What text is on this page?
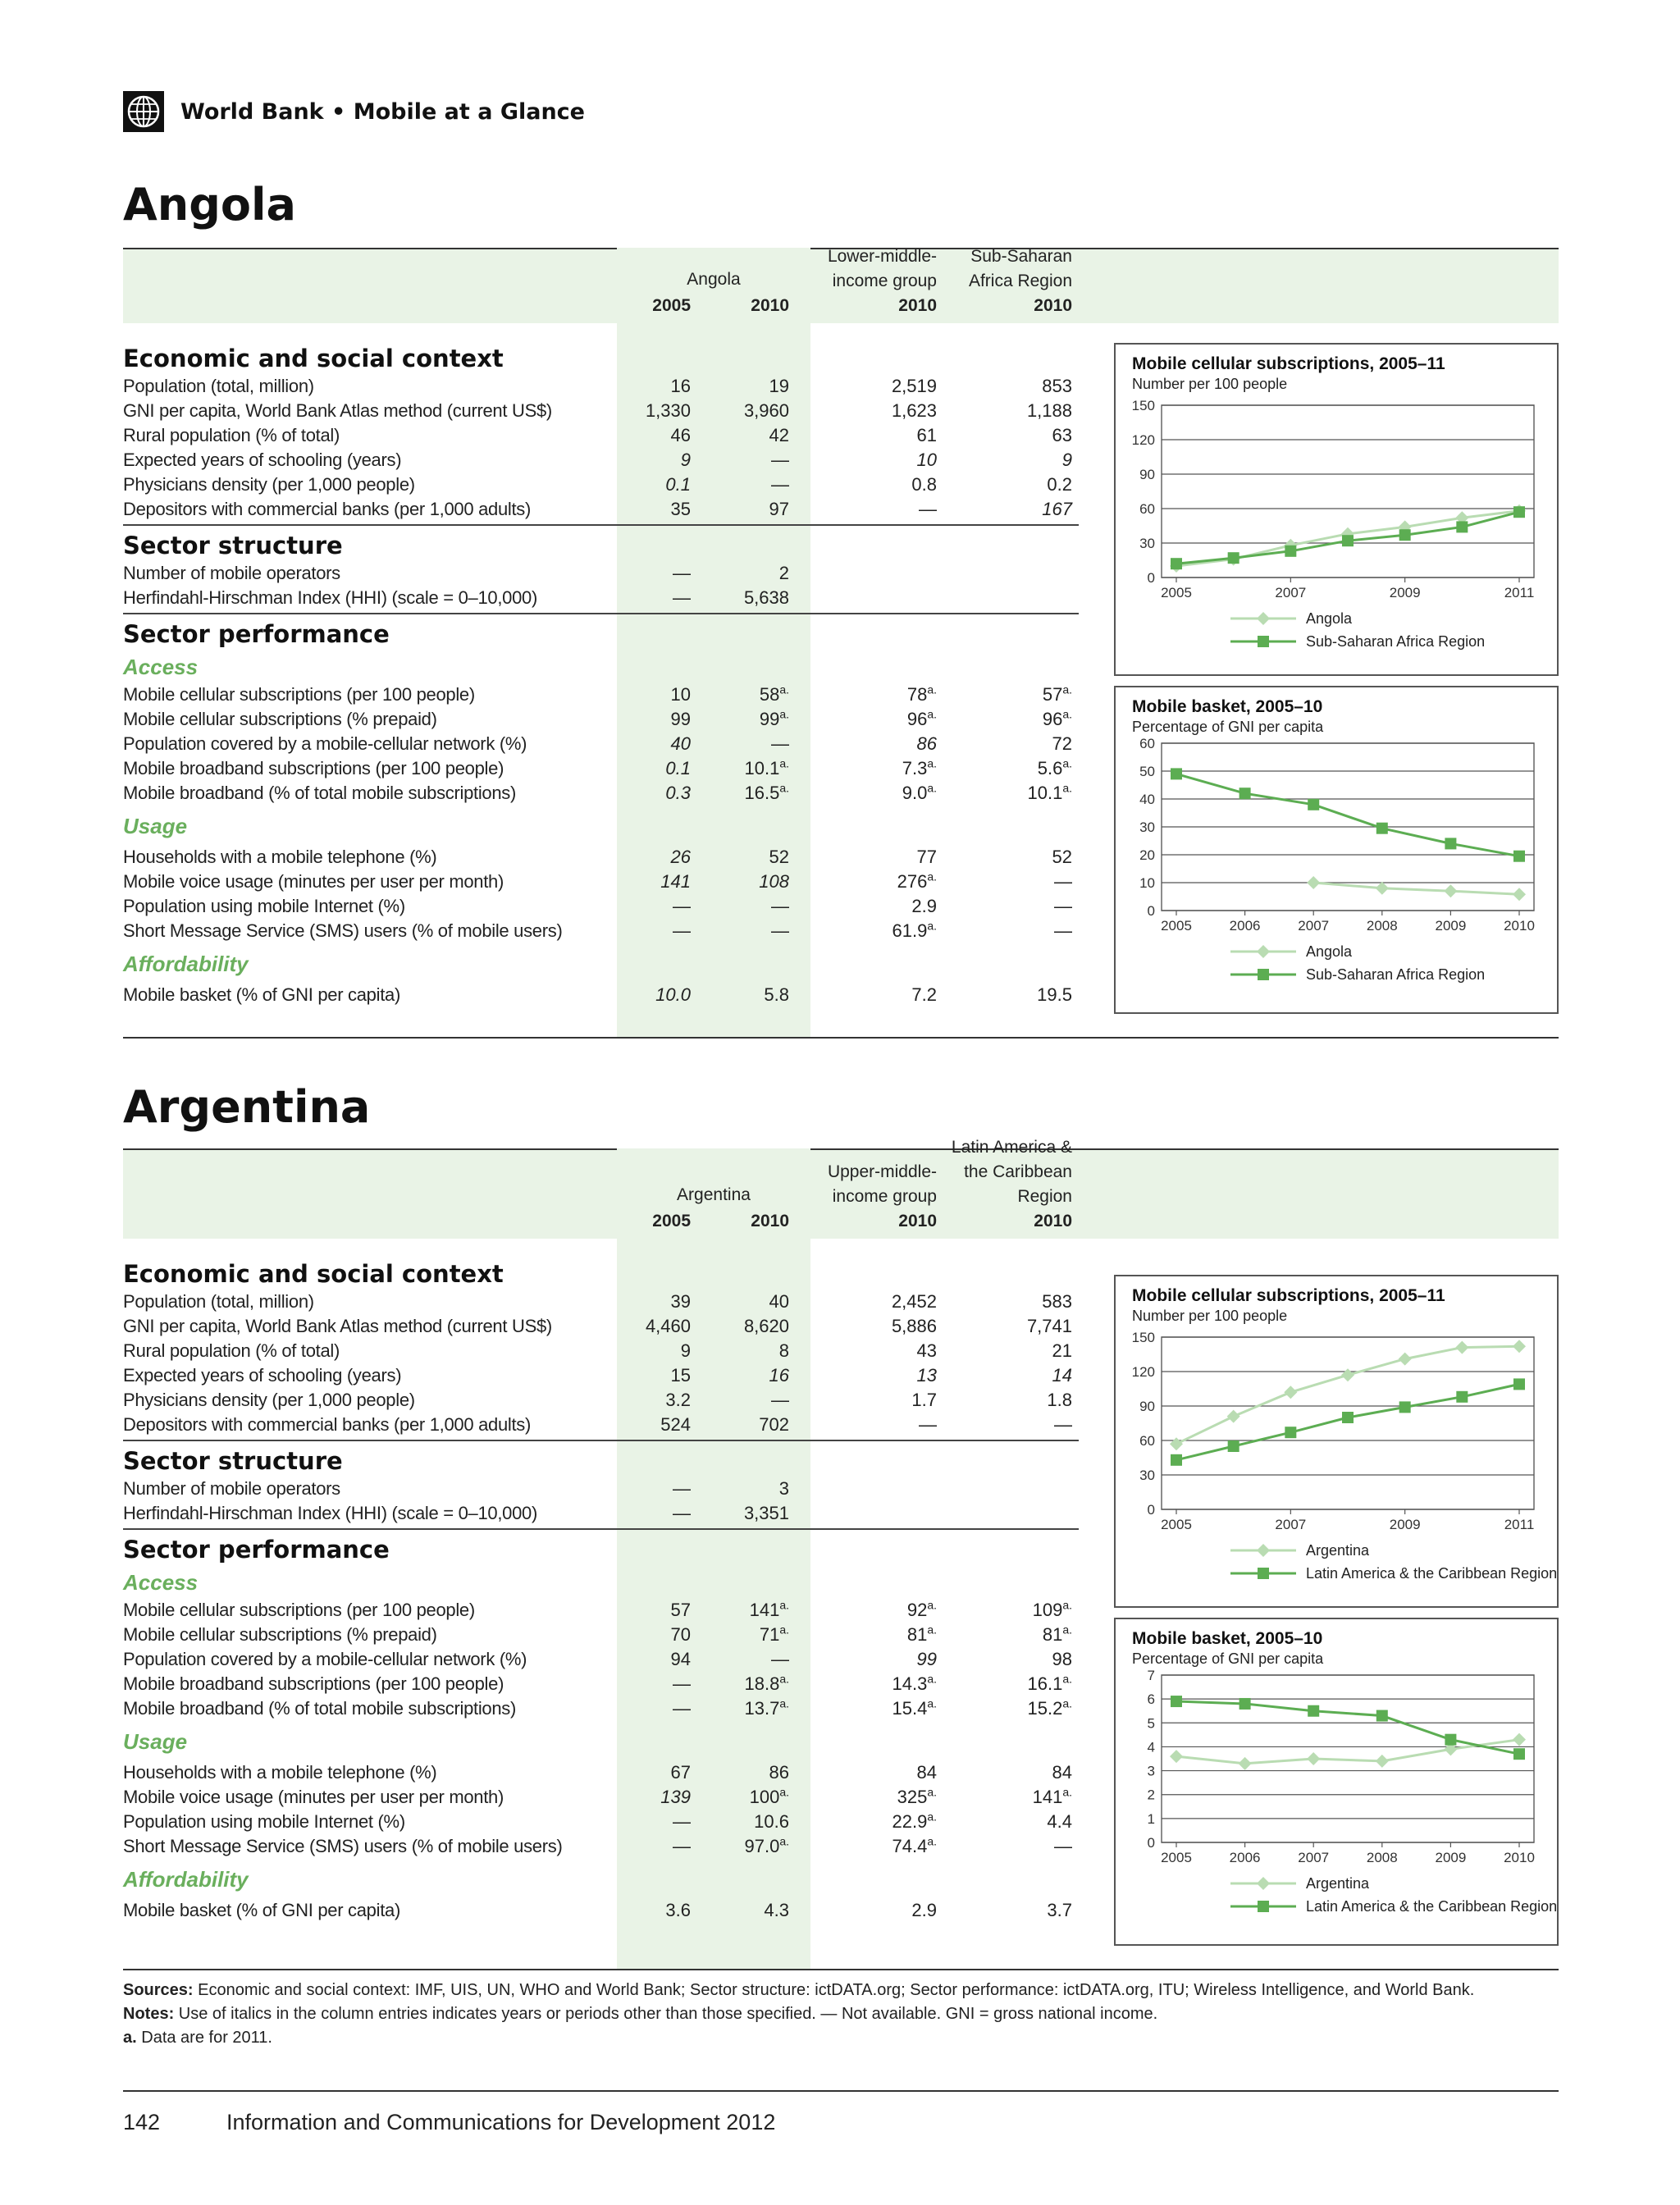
World Bank • Mobile at a Glance
Angola
Argentina
Angola
2005	2010
Lower-middle-
income group
2010
Sub-Saharan
Africa Region
2010
Economic and social context
Sector structure
Sector performance
Access
Usage
Affordability
Population (total, million)	16	19	2,519	853
GNI per capita, World Bank Atlas method (current US$)	1,330	3,960	1,623	1,188
Rural population (% of total)	46	42	61	63
Expected years of schooling (years)	9	—	10	9
Physicians density (per 1,000 people)	0.1	—	0.8	0.2
Depositors with commercial banks (per 1,000 adults)	35	97	—	167
Number of mobile operators	—	2
Herfindahl-Hirschman Index (HHI) (scale = 0–10,000)	—	5,638
Mobile cellular subscriptions (per 100 people)	10	$58^{a.}$	$78^{a.}$	$57^{a.}$
Mobile cellular subscriptions (% prepaid)	99	$99^{a.}$	$96^{a.}$	$96^{a.}$
Population covered by a mobile-cellular network (%)	40	—	86	72
Mobile broadband subscriptions (per 100 people)	0.1	$10.1^{a.}$	$7.3^{a.}$	$5.6^{a.}$
Mobile broadband (% of total mobile subscriptions)	0.3	$16.5^{a.}$	$9.0^{a.}$	$10.1^{a.}$
Households with a mobile telephone (%)	26	52	77	52
Mobile voice usage (minutes per user per month)	141	108	$276^{a.}$	—
Population using mobile Internet (%)	—	—	2.9	—
Short Message Service (SMS) users (% of mobile users)	—	—	$61.9^{a.}$	—
Mobile basket (% of GNI per capita)	10.0	5.8	7.2	19.5
Mobile cellular subscriptions, 2005–11
Number per 100 people
0
30
60
90
120
150
2005	2007	2009	2011
Angola
Sub-Saharan Africa Region
Mobile basket, 2005–10
Percentage of GNI per capita
0
10
20
30
40
50
60
2005	2006	2007	2008	2009	2010
Angola
Sub-Saharan Africa Region
Argentina
2005	2010
Upper-middle-
income group
2010
Latin America &
the Caribbean
Region
2010
Economic and social context
Sector structure
Sector performance
Access
Usage
Affordability
Population (total, million)	39	40	2,452	583
GNI per capita, World Bank Atlas method (current US$)	4,460	8,620	5,886	7,741
Rural population (% of total)	9	8	43	21
Expected years of schooling (years)	15	16	13	14
Physicians density (per 1,000 people)	3.2	—	1.7	1.8
Depositors with commercial banks (per 1,000 adults)	524	702	—	—
Number of mobile operators	—	3
Herfindahl-Hirschman Index (HHI) (scale = 0–10,000)	—	3,351
Mobile cellular subscriptions (per 100 people)	57	$141^{a.}$	$92^{a.}$	$109^{a.}$
Mobile cellular subscriptions (% prepaid)	70	$71^{a.}$	$81^{a.}$	$81^{a.}$
Population covered by a mobile-cellular network (%)	94	—	99	98
Mobile broadband subscriptions (per 100 people)	—	$18.8^{a.}$	$14.3^{a.}$	$16.1^{a.}$
Mobile broadband (% of total mobile subscriptions)	—	$13.7^{a.}$	$15.4^{a.}$	$15.2^{a.}$
Households with a mobile telephone (%)	67	86	84	84
Mobile voice usage (minutes per user per month)	139	$100^{a.}$	$325^{a.}$	$141^{a.}$
Population using mobile Internet (%)	—	10.6	$22.9^{a.}$	4.4
Short Message Service (SMS) users (% of mobile users)	—	$97.0^{a.}$	$74.4^{a.}$	—
Mobile basket (% of GNI per capita)	3.6	4.3	2.9	3.7
Mobile cellular subscriptions, 2005–11
Number per 100 people
0
30
60
90
120
150
2005	2007	2009	2011
Argentina
Latin America & the Caribbean Region
Mobile basket, 2005–10
Percentage of GNI per capita
0
1
2
3
4
5
6
7
2005	2006	2007	2008	2009	2010
Argentina
Latin America & the Caribbean Region
Sources: Economic and social context: IMF, UIS, UN, WHO and World Bank; Sector structure: ictDATA.org; Sector performance: ictDATA.org, ITU; Wireless Intelligence, and World Bank.
Notes: Use of italics in the column entries indicates years or periods other than those specified. — Not available. GNI = gross national income.
a. Data are for 2011.
142	Information and Communications for Development 2012
